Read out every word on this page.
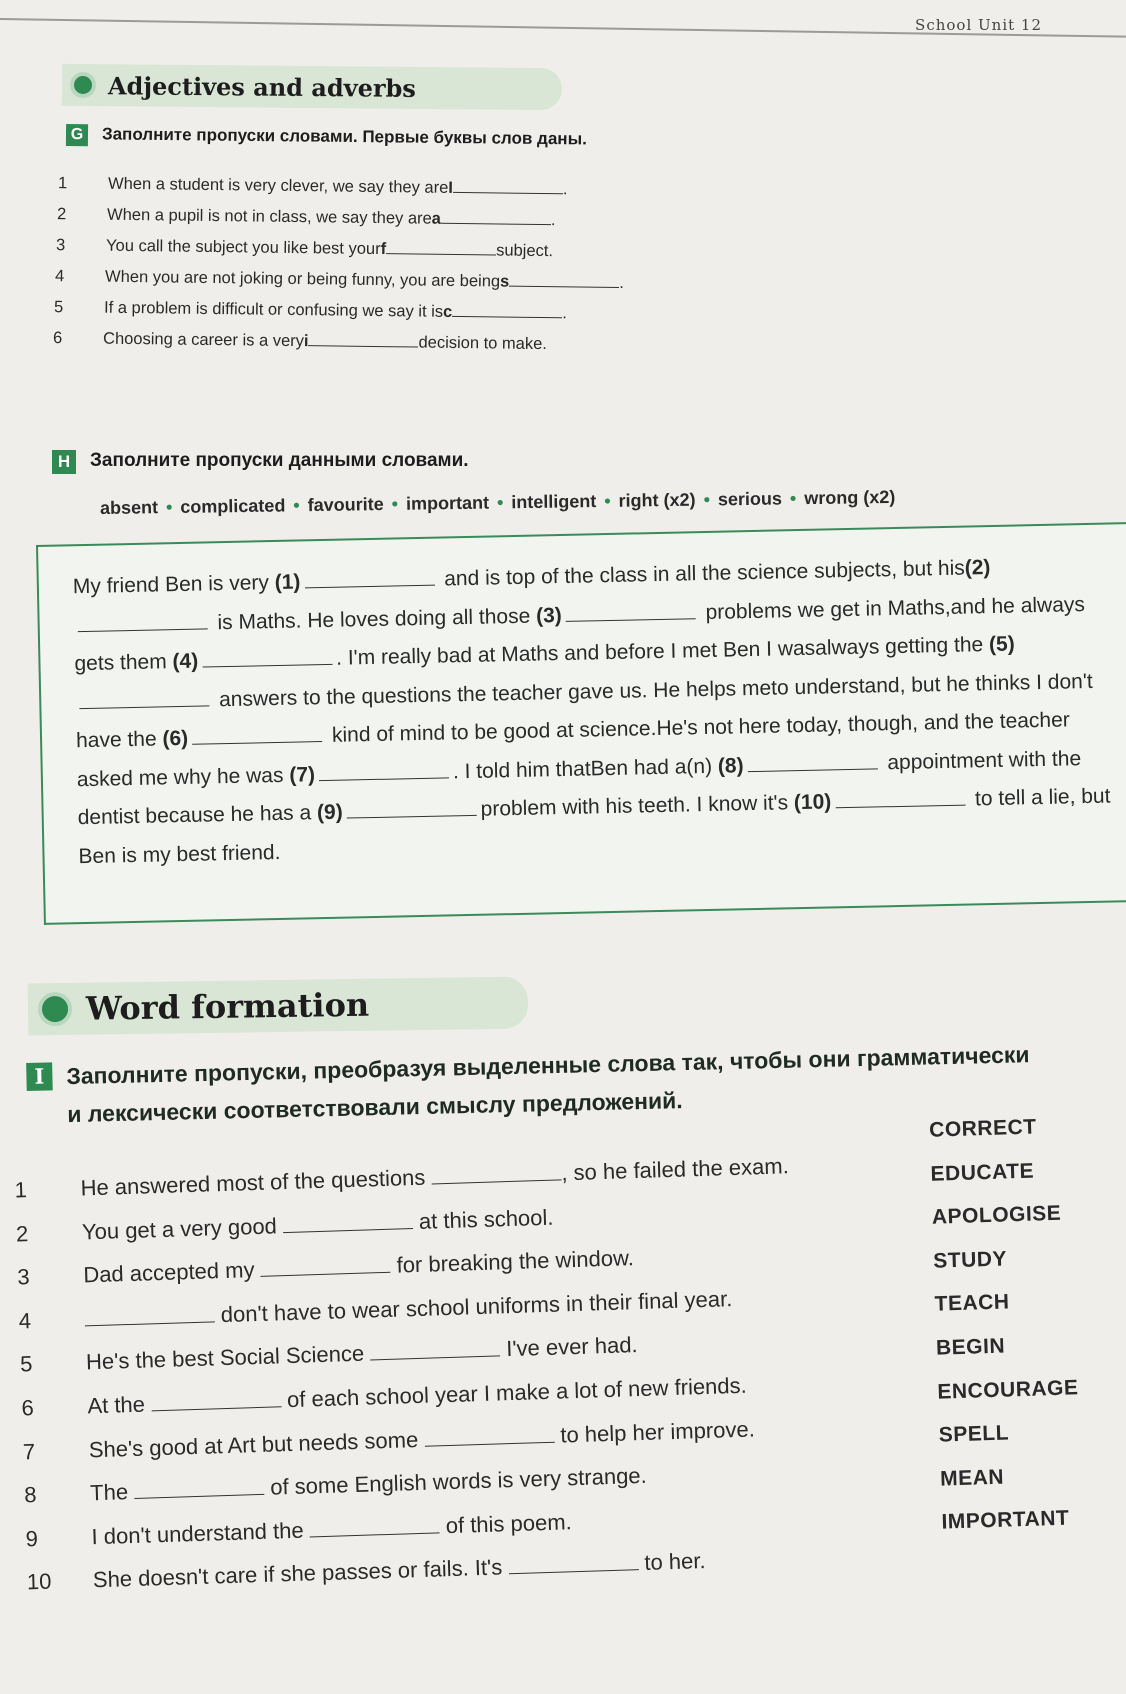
School Unit 12
Adjectives and adverbs
G Заполните пропуски словами. Первые буквы слов даны.
1	When a student is very clever, we say they are I	.
2	When a pupil is not in class, we say they are a	.
3	You call the subject you like best your f	subject.
4	When you are not joking or being funny, you are being s	.
5	If a problem is difficult or confusing we say it is c	.
6	Choosing a career is a very i	decision to make.
H	Заполните пропуски данными словами.
absent • complicated • favourite • important • intelligent • right (x2) • serious • wrong (x2)

My friend Ben is very (1)	and is top of the class in all the science subjects, but his(2) is Maths. He loves doing all those (3)	problems we get in Maths,and he always gets them (4)	. I'm really bad at Maths and before I met Ben I wasalways getting the (5) answers to the questions the teacher gave us. He helps meto understand, but he thinks I don't have the (6)	kind of mind to be good at science.He's not here today, though, and the teacher asked me why he was (7)	. I told him thatBen had a(n) (8)	appointment with the dentist because he has a (9)	problem with his teeth. I know it's (10)	to tell a lie, but Ben is my best friend.

Word formation
I Заполните пропуски, преобразуя выделенные слова так, чтобы они грамматически
и лексически соответствовали смыслу предложений.
1	He answered most of the questions	, so he failed the exam.
CORRECT
2	You get a very good	at this school.
EDUCATE
3	Dad accepted my	for breaking the window.
APOLOGISE
4	don't have to wear school uniforms in their final year.
STUDY
5	He's the best Social Science	I've ever had.
TEACH
6	At the	of each school year I make a lot of new friends.
BEGIN
7	She's good at Art but needs some	to help her improve.
ENCOURAGE
8	The	of some English words is very strange.
SPELL
9	I don't understand the	of this poem.
MEAN
10	She doesn't care if she passes or fails. It's	to her.
IMPORTANT
